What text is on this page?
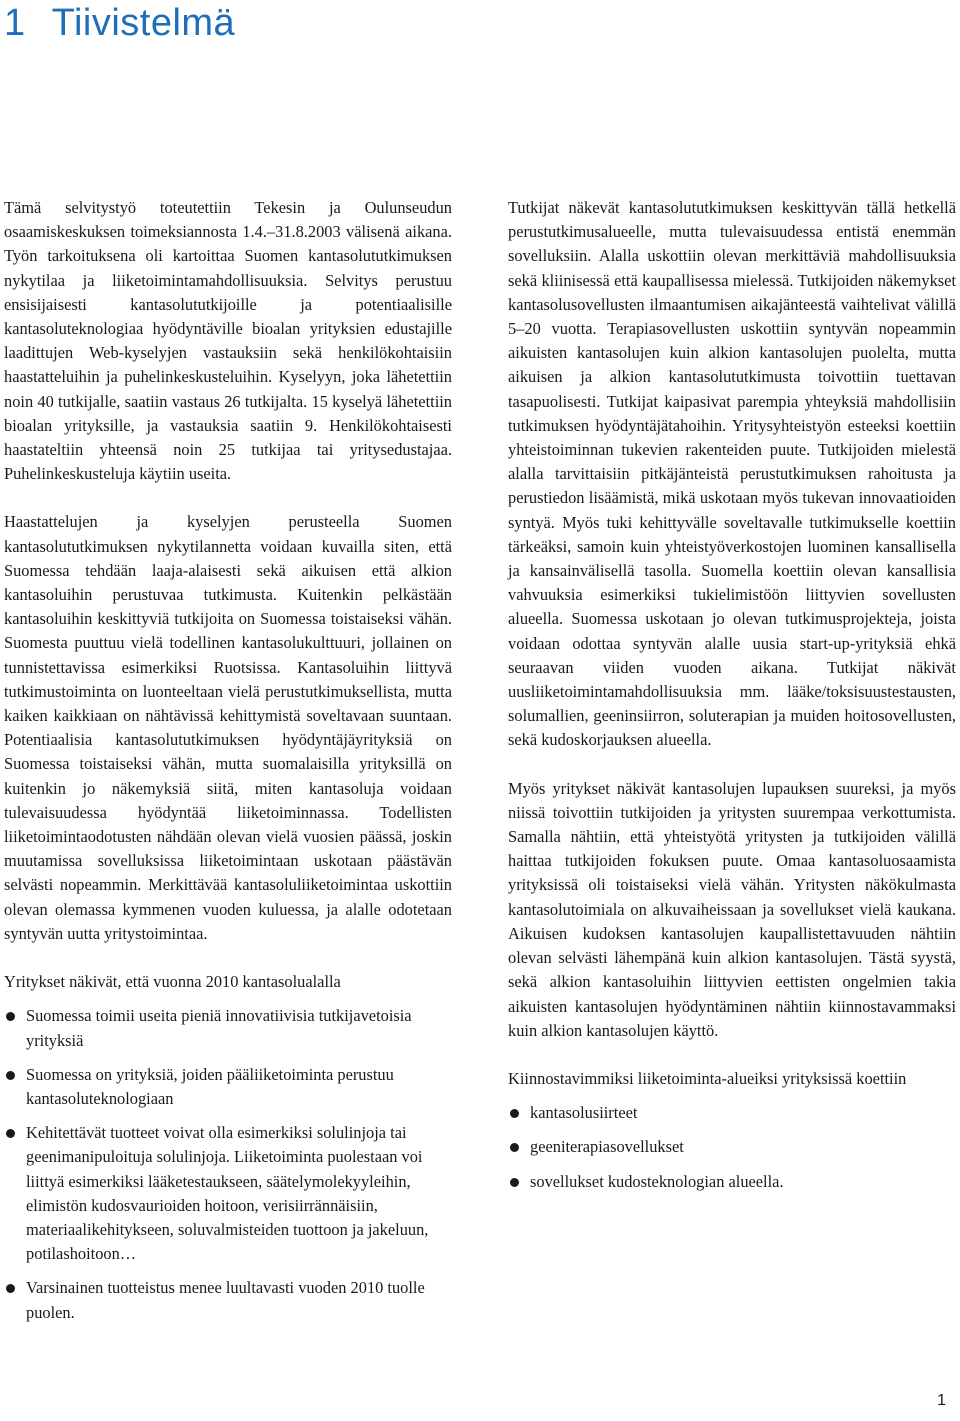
1 Tiivistelmä

Tämä selvitystyö toteutettiin Tekesin ja Oulunseudun osaamiskeskuksen toimeksiannosta 1.4.–31.8.2003 välisenä aikana. Työn tarkoituksena oli kartoittaa Suomen kantasolututkimuksen nykytilaa ja liiketoimintamahdollisuuksia. Selvitys perustuu ensisijaisesti kantasolututkijoille ja potentiaalisille kantasoluteknologiaa hyödyntäville bioalan yrityksien edustajille laadittujen Web-kyselyjen vastauksiin sekä henkilökohtaisiin haastatteluihin ja puhelinkeskusteluihin. Kyselyyn, joka lähetettiin noin 40 tutkijalle, saatiin vastaus 26 tutkijalta. 15 kyselyä lähetettiin bioalan yrityksille, ja vastauksia saatiin 9. Henkilökohtaisesti haastateltiin yhteensä noin 25 tutkijaa tai yritysedustajaa. Puhelinkeskusteluja käytiin useita.

Haastattelujen ja kyselyjen perusteella Suomen kantasolututkimuksen nykytilannetta voidaan kuvailla siten, että Suomessa tehdään laaja-alaisesti sekä aikuisen että alkion kantasoluihin perustuvaa tutkimusta. Kuitenkin pelkästään kantasoluihin keskittyviä tutkijoita on Suomessa toistaiseksi vähän. Suomesta puuttuu vielä todellinen kantasolukulttuuri, jollainen on tunnistettavissa esimerkiksi Ruotsissa. Kantasoluihin liittyvä tutkimustoiminta on luonteeltaan vielä perustutkimuksellista, mutta kaiken kaikkiaan on nähtävissä kehittymistä soveltavaan suuntaan. Potentiaalisia kantasolututkimuksen hyödyntäjäyrityksiä on Suomessa toistaiseksi vähän, mutta suomalaisilla yrityksillä on kuitenkin jo näkemyksiä siitä, miten kantasoluja voidaan tulevaisuudessa hyödyntää liiketoiminnassa. Todellisten liiketoimintaodotusten nähdään olevan vielä vuosien päässä, joskin muutamissa sovelluksissa liiketoimintaan uskotaan päästävän selvästi nopeammin. Merkittävää kantasoluliiketoimintaa uskottiin olevan olemassa kymmenen vuoden kuluessa, ja alalle odotetaan syntyvän uutta yritystoimintaa.

Yritykset näkivät, että vuonna 2010 kantasolualalla

Suomessa toimii useita pieniä innovatiivisia tutkijavetoisia yrityksiä
Suomessa on yrityksiä, joiden pääliiketoiminta perustuu kantasoluteknologiaan
Kehitettävät tuotteet voivat olla esimerkiksi solulinjoja tai geenimanipuloituja solulinjoja. Liiketoiminta puolestaan voi liittyä esimerkiksi lääketestaukseen, säätelymolekyyleihin, elimistön kudosvaurioiden hoitoon, verisiirrännäisiin, materiaalikehitykseen, soluvalmisteiden tuottoon ja jakeluun, potilashoitoon…
Varsinainen tuotteistus menee luultavasti vuoden 2010 tuolle puolen.

Tutkijat näkevät kantasolututkimuksen keskittyvän tällä hetkellä perustutkimusalueelle, mutta tulevaisuudessa entistä enemmän sovelluksiin. Alalla uskottiin olevan merkittäviä mahdollisuuksia sekä kliinisessä että kaupallisessa mielessä. Tutkijoiden näkemykset kantasolusovellusten ilmaantumisen aikajänteestä vaihtelivat välillä 5–20 vuotta. Terapiasovellusten uskottiin syntyvän nopeammin aikuisten kantasolujen kuin alkion kantasolujen puolelta, mutta aikuisen ja alkion kantasolututkimusta toivottiin tuettavan tasapuolisesti. Tutkijat kaipasivat parempia yhteyksiä mahdollisiin tutkimuksen hyödyntäjätahoihin. Yritysyhteistyön esteeksi koettiin yhteistoiminnan tukevien rakenteiden puute. Tutkijoiden mielestä alalla tarvittaisiin pitkäjänteistä perustutkimuksen rahoitusta ja perustiedon lisäämistä, mikä uskotaan myös tukevan innovaatioiden syntyä. Myös tuki kehittyvälle soveltavalle tutkimukselle koettiin tärkeäksi, samoin kuin yhteistyöverkostojen luominen kansallisella ja kansainvälisellä tasolla. Suomella koettiin olevan kansallisia vahvuuksia esimerkiksi tukielimistöön liittyvien sovellusten alueella. Suomessa uskotaan jo olevan tutkimusprojekteja, joista voidaan odottaa syntyvän alalle uusia start-up-yrityksiä ehkä seuraavan viiden vuoden aikana. Tutkijat näkivät uusliiketoimintamahdollisuuksia mm. lääke/toksisuustestausten, solumallien, geeninsiirron, soluterapian ja muiden hoitosovellusten, sekä kudoskorjauksen alueella.

Myös yritykset näkivät kantasolujen lupauksen suureksi, ja myös niissä toivottiin tutkijoiden ja yritysten suurempaa verkottumista. Samalla nähtiin, että yhteistyötä yritysten ja tutkijoiden välillä haittaa tutkijoiden fokuksen puute. Omaa kantasoluosaamista yrityksissä oli toistaiseksi vielä vähän. Yritysten näkökulmasta kantasolutoimiala on alkuvaiheissaan ja sovellukset vielä kaukana. Aikuisen kudoksen kantasolujen kaupallistettavuuden nähtiin olevan selvästi lähempänä kuin alkion kantasolujen. Tästä syystä, sekä alkion kantasoluihin liittyvien eettisten ongelmien takia aikuisten kantasolujen hyödyntäminen nähtiin kiinnostavammaksi kuin alkion kantasolujen käyttö.

Kiinnostavimmiksi liiketoiminta-alueiksi yrityksissä koettiin

kantasolusiirteet
geeniterapiasovellukset
sovellukset kudosteknologian alueella.
1
